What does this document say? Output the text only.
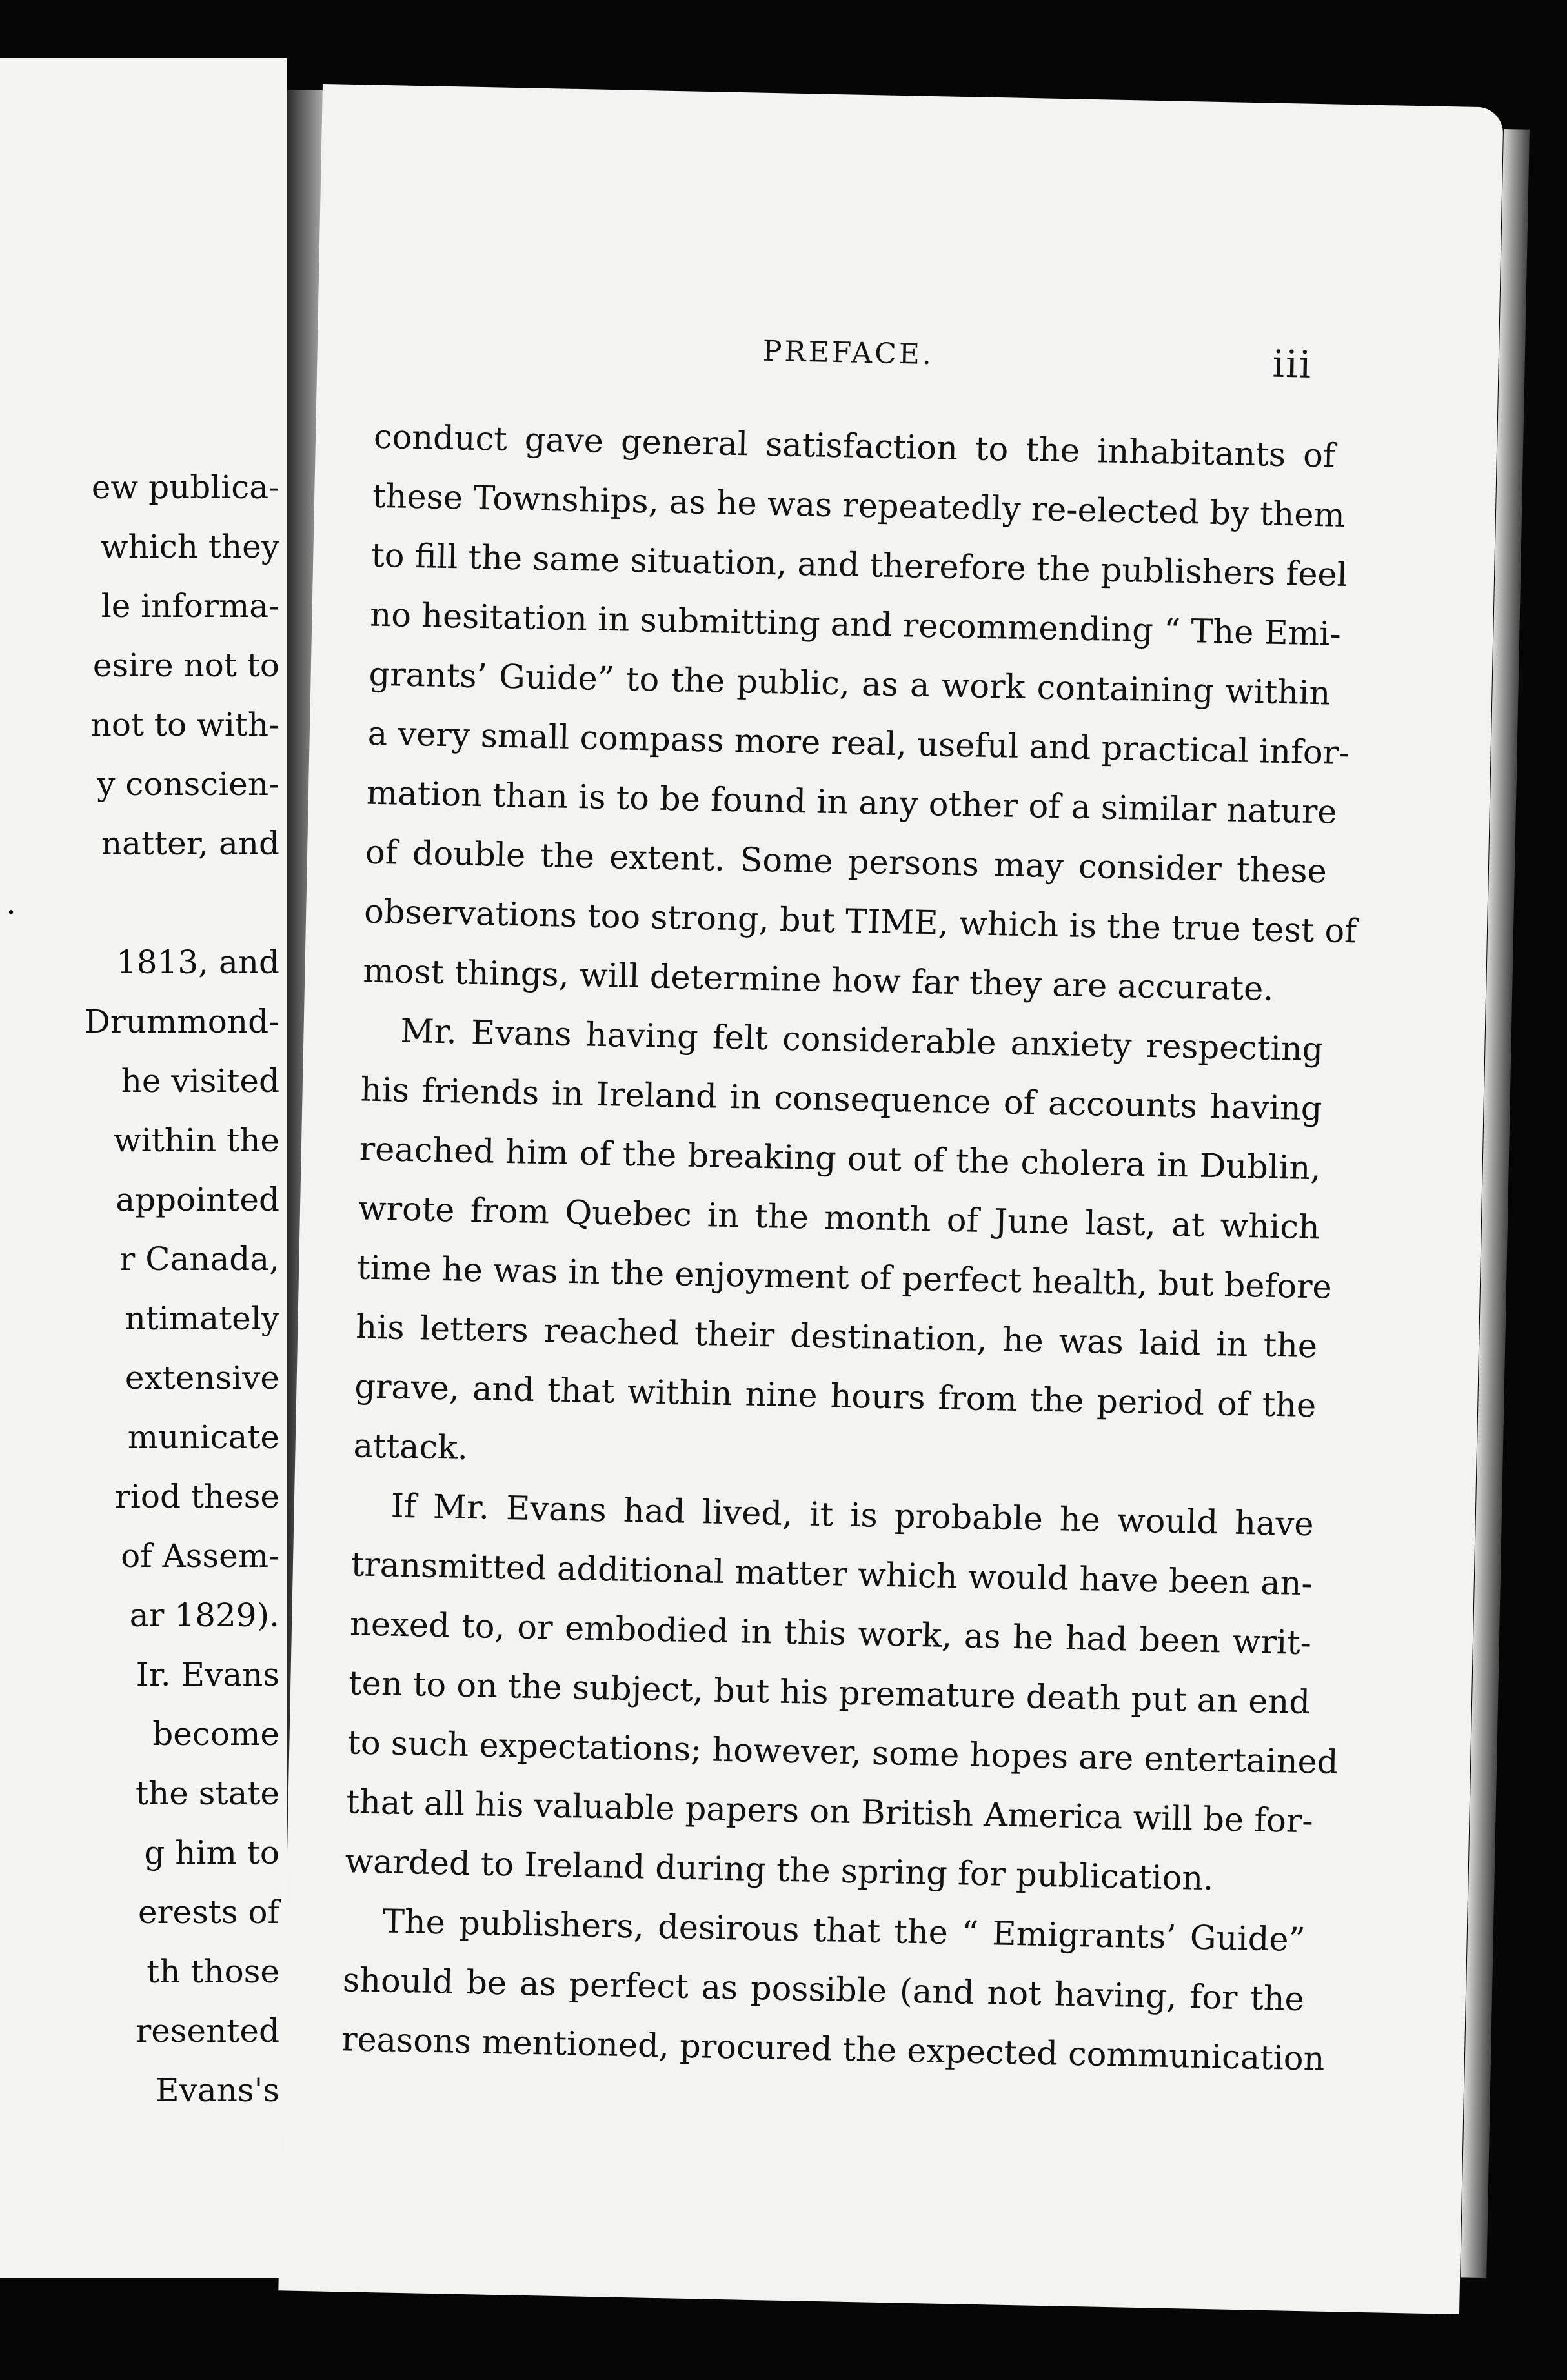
ew publica-
which they
le informa-
esire not to
not to with-
y conscien-
natter, and
.
1813, and
Drummond-
he visited
within the
appointed
r Canada,
ntimately
extensive
municate
riod these
of Assem-
ar 1829).
Ir. Evans
become
the state
g him to
erests of
th those
resented
Evans's
PREFACE.	iii
conduct gave general satisfaction to the inhabitants of
these Townships, as he was repeatedly re-elected by them
to fill the same situation, and therefore the publishers feel
no hesitation in submitting and recommending “ The Emi-
grants’ Guide” to the public, as a work containing within
a very small compass more real, useful and practical infor-
mation than is to be found in any other of a similar nature
of double the extent. Some persons may consider these
observations too strong, but TIME, which is the true test of
most things, will determine how far they are accurate.
Mr. Evans having felt considerable anxiety respecting
his friends in Ireland in consequence of accounts having
reached him of the breaking out of the cholera in Dublin,
wrote from Quebec in the month of June last, at which
time he was in the enjoyment of perfect health, but before
his letters reached their destination, he was laid in the
grave, and that within nine hours from the period of the
attack.
If Mr. Evans had lived, it is probable he would have
transmitted additional matter which would have been an-
nexed to, or embodied in this work, as he had been writ-
ten to on the subject, but his premature death put an end
to such expectations; however, some hopes are entertained
that all his valuable papers on British America will be for-
warded to Ireland during the spring for publication.
The publishers, desirous that the “ Emigrants’ Guide”
should be as perfect as possible (and not having, for the
reasons mentioned, procured the expected communication
